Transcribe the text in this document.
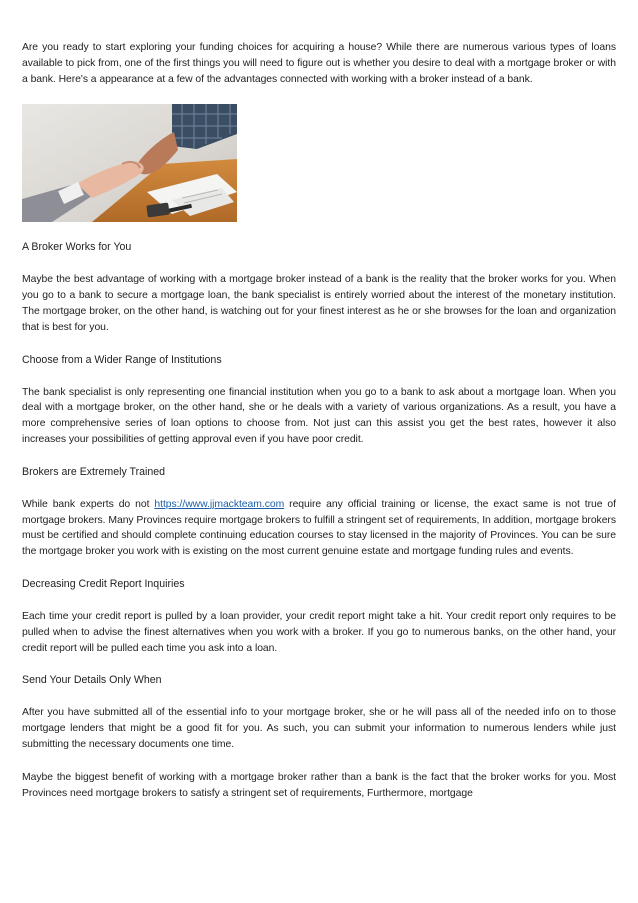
Are you ready to start exploring your funding choices for acquiring a house? While there are numerous various types of loans available to pick from, one of the first things you will need to figure out is whether you desire to deal with a mortgage broker or with a bank. Here's a appearance at a few of the advantages connected with working with a broker instead of a bank.

A Broker Works for You

Maybe the best advantage of working with a mortgage broker instead of a bank is the reality that the broker works for you. When you go to a bank to secure a mortgage loan, the bank specialist is entirely worried about the interest of the monetary institution. The mortgage broker, on the other hand, is watching out for your finest interest as he or she browses for the loan and organization that is best for you.

Choose from a Wider Range of Institutions

The bank specialist is only representing one financial institution when you go to a bank to ask about a mortgage loan. When you deal with a mortgage broker, on the other hand, she or he deals with a variety of various organizations. As a result, you have a more comprehensive series of loan options to choose from. Not just can this assist you get the best rates, however it also increases your possibilities of getting approval even if you have poor credit.

Brokers are Extremely Trained

While bank experts do not https://www.jjmackteam.com require any official training or license, the exact same is not true of mortgage brokers. Many Provinces require mortgage brokers to fulfill a stringent set of requirements, In addition, mortgage brokers must be certified and should complete continuing education courses to stay licensed in the majority of Provinces. You can be sure the mortgage broker you work with is existing on the most current genuine estate and mortgage funding rules and events.

Decreasing Credit Report Inquiries

Each time your credit report is pulled by a loan provider, your credit report might take a hit. Your credit report only requires to be pulled when to advise the finest alternatives when you work with a broker. If you go to numerous banks, on the other hand, your credit report will be pulled each time you ask into a loan.

Send Your Details Only When

After you have submitted all of the essential info to your mortgage broker, she or he will pass all of the needed info on to those mortgage lenders that might be a good fit for you. As such, you can submit your information to numerous lenders while just submitting the necessary documents one time.

Maybe the biggest benefit of working with a mortgage broker rather than a bank is the fact that the broker works for you. Most Provinces need mortgage brokers to satisfy a stringent set of requirements, Furthermore, mortgage
